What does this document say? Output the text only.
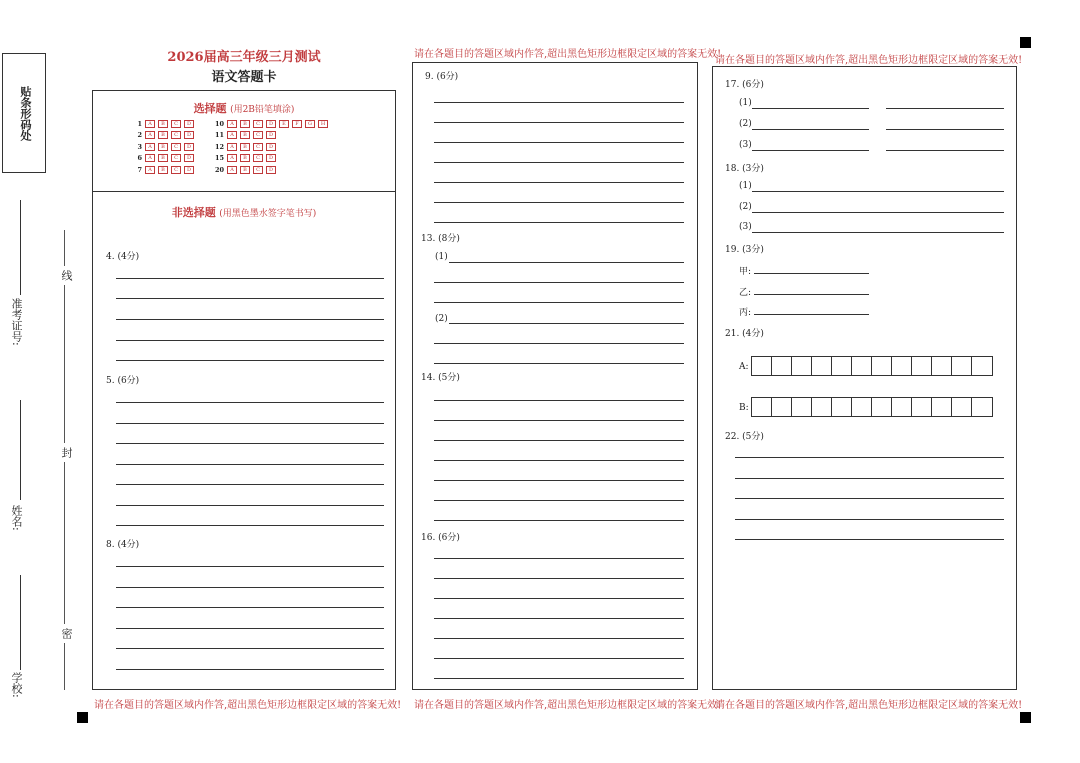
贴条形码处
学校:
姓名:
准考证号:
线
封
密
2026届高三年级三月测试
语文答题卡
选择题 (用2B铅笔填涂)
1	A	B	C	D
2	A	B	C	D
3	A	B	C	D
6	A	B	C	D
7	A	B	C	D
10	A	B	C	D	E	F	G	H
11	A	B	C	D
12	A	B	C	D
15	A	B	C	D
20	A	B	C	D
非选择题 (用黑色墨水签字笔书写)
4. (4分)
5. (6分)
8. (4分)
请在各题目的答题区域内作答,超出黑色矩形边框限定区域的答案无效!
请在各题目的答题区域内作答,超出黑色矩形边框限定区域的答案无效!
9. (6分)
13. (8分)
(1)
(2)
14. (5分)
16. (6分)
请在各题目的答题区域内作答,超出黑色矩形边框限定区域的答案无效!
请在各题目的答题区域内作答,超出黑色矩形边框限定区域的答案无效!
17. (6分)
(1)
(2)
(3)
18. (3分)
(1)
(2)
(3)
19. (3分)
甲:
乙:
丙:
21. (4分)
A:
B:
22. (5分)
请在各题目的答题区域内作答,超出黑色矩形边框限定区域的答案无效!
